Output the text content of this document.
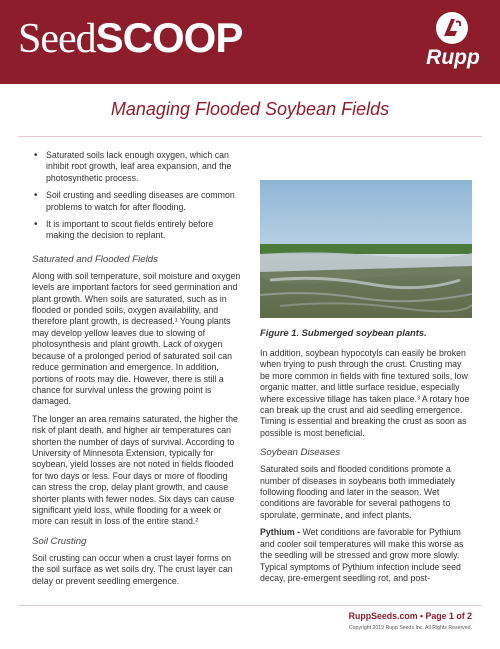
SeedSCOOP	Rupp
Managing Flooded Soybean Fields
• Saturated soils lack enough oxygen, which can inhibit root growth, leaf area expansion, and the photosynthetic process.
• Soil crusting and seedling diseases are common problems to watch for after flooding.
• It is important to scout fields entirely before making the decision to replant.
Saturated and Flooded Fields

Along with soil temperature, soil moisture and oxygen levels are important factors for seed germination and plant growth. When soils are saturated, such as in flooded or ponded soils, oxygen availability, and therefore plant growth, is decreased.¹ Young plants may develop yellow leaves due to slowing of photosynthesis and plant growth. Lack of oxygen because of a prolonged period of saturated soil can reduce germination and emergence. In addition, portions of roots may die. However, there is still a chance for survival unless the growing point is damaged.

The longer an area remains saturated, the higher the risk of plant death, and higher air temperatures can shorten the number of days of survival. According to University of Minnesota Extension, typically for soybean, yield losses are not noted in fields flooded for two days or less. Four days or more of flooding can stress the crop, delay plant growth, and cause shorter plants with fewer nodes. Six days can cause significant yield loss, while flooding for a week or more can result in loss of the entire stand.²

Soil Crusting

Soil crusting can occur when a crust layer forms on the soil surface as wet soils dry. The crust layer can delay or prevent seedling emergence.

Figure 1. Submerged soybean plants.

In addition, soybean hypocotyls can easily be broken when trying to push through the crust. Crusting may be more common in fields with fine textured soils, low organic matter, and little surface residue, especially where excessive tillage has taken place.³ A rotary hoe can break up the crust and aid seedling emergence. Timing is essential and breaking the crust as soon as possible is most beneficial.

Soybean Diseases

Saturated soils and flooded conditions promote a number of diseases in soybeans both immediately following flooding and later in the season. Wet conditions are favorable for several pathogens to sporulate, germinate, and infect plants.

Pythium - Wet conditions are favorable for Pythium and cooler soil temperatures will make this worse as the seedling will be stressed and grow more slowly. Typical symptoms of Pythium infection include seed decay, pre-emergent seedling rot, and post-

RuppSeeds.com • Page 1 of 2
Copyright 2019 Rupp Seeds Inc. All Rights Reserved.
